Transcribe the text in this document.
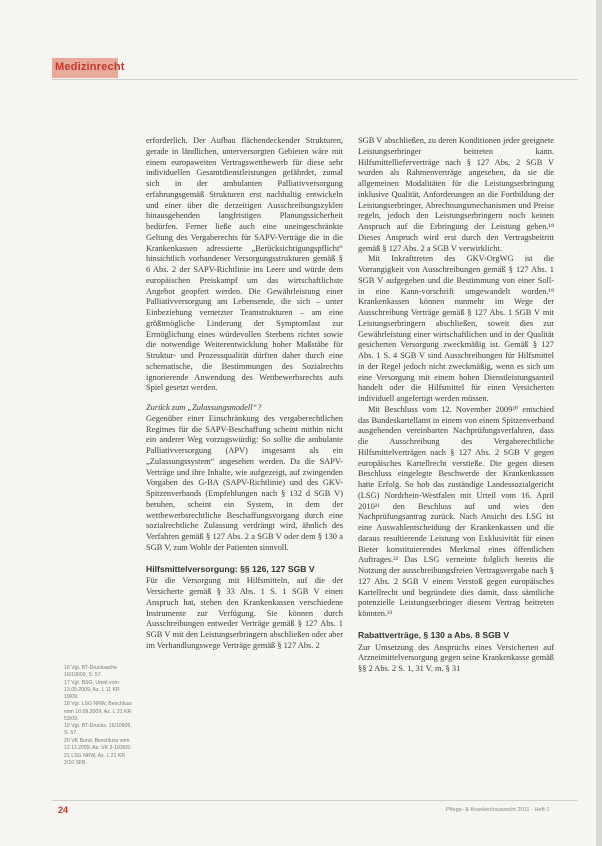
Medizinrecht

erforderlich. Der Aufbau flächendeckender Strukturen, gerade in ländlichen, unterversorgten Gebieten wäre mit einem europaweiten Vertragswettbewerb für diese sehr individuellen Gesamtdienstleistungen gefährdet, zumal sich in der ambulanten Palliativversorgung erfahrungsgemäß Strukturen erst nachhaltig entwickeln und einer über die derzeitigen Ausschreibungszyklen hinausgehenden langfristigen Planungssicherheit bedürfen. Ferner ließe auch eine uneingeschränkte Geltung des Vergaberechts für SAPV-Verträge die in die Krankenkassen adressierte „Berücksichtigungspflicht“ hinsichtlich vorhandener Versorgungsstrukturen gemäß § 6 Abs. 2 der SAPV-Richtlinie ins Leere und würde dem europäischen Preiskampf um das wirtschaftlichste Angebot geopfert werden. Die Gewährleistung einer Palliativversorgung am Lebensende, die sich – unter Einbeziehung vernetzter Teamstrukturen – am eine größtmögliche Linderung der Symptomlast zur Ermöglichung eines würdevollen Sterbens richtet sowie die notwendige Weiterentwicklung hoher Maßstäbe für Struktur- und Prozessqualität dürften daher durch eine schematische, die Bestimmungen des Sozialrechts ignorierende Anwendung des Wettbewerbsrechts aufs Spiel gesetzt werden.

Zurück zum „Zulassungsmodell“?

Gegenüber einer Einschränkung des vergaberechtlichen Regimes für die SAPV-Beschaffung scheint mithin nicht ein anderer Weg vorzugswürdig: So sollte die ambulante Palliativversorgung (APV) insgesamt als ein „Zulassungssystem“ angesehen werden. Da die SAPV-Verträge und ihre Inhalte, wie aufgezeigt, auf zwingenden Vorgaben des G-BA (SAPV-Richtlinie) und des GKV-Spitzenverbands (Empfehlungen nach § 132 d SGB V) beruhen, scheint ein System, in dem der wettbewerbsrechtliche Beschaffungsvorgang durch eine sozialrechtliche Zulassung verdrängt wird, ähnlich des Verfahren gemäß § 127 Abs. 2 a SGB V oder dem § 130 a SGB V, zum Wohle der Patienten sinnvoll.

Hilfsmittelversorgung: §§ 126, 127 SGB V

Für die Versorgung mit Hilfsmitteln, auf die der Versicherte gemäß § 33 Abs. 1 S. 1 SGB V einen Anspruch hat, stehen den Krankenkassen verschiedene Instrumente zur Verfügung. Sie können durch Ausschreibungen entweder Verträge gemäß § 127 Abs. 1 SGB V mit den Leistungserbringern abschließen oder aber im Verhandlungswege Verträge gemäß § 127 Abs. 2

SGB V abschließen, zu deren Konditionen jeder geeignete Leistungserbringer beitreten kann. Hilfsmittellieferverträge nach § 127 Abs. 2 SGB V wurden als Rahmenverträge angesehen, da sie die allgemeinen Modalitäten für die Leistungserbringung inklusive Qualität, Anforderungen an die Fortbildung der Leistungserbringer, Abrechnungsmechanismen und Preise regeln, jedoch den Leistungserbringern noch keinen Anspruch auf die Erbringung der Leistung geben.¹⁸ Dieses Anspruch wird erst durch den Vertragsbeitritt gemäß § 127 Abs. 2 a SGB V verwirklicht.

Mit Inkrafttreten des GKV-OrgWG ist die Vorrangigkeit von Ausschreibungen gemäß § 127 Abs. 1 SGB V aufgegeben und die Bestimmung von einer Soll- in eine Kann-vorschrift umgewandelt worden.¹⁹ Krankenkassen können nunmehr im Wege der Ausschreibung Verträge gemäß § 127 Abs. 1 SGB V mit Leistungserbringern abschließen, soweit dies zur Gewährleistung einer wirtschaftlichen und in der Qualität gesicherten Versorgung zweckmäßig ist. Gemäß § 127 Abs. 1 S. 4 SGB V sind Ausschreibungen für Hilfsmittel in der Regel jedoch nicht zweckmäßig, wenn es sich um eine Versorgung mit einem hohen Dienstleistungsanteil handelt oder die Hilfsmittel für einen Versicherten individuell angefertigt werden müssen.

Mit Beschluss vom 12. November 2009²⁰ entschied das Bundeskartellamt in einem von einem Spitzenverband ausgehenden vereinbarten Nachprüfungsverfahren, dass die Ausschreibung des Vergaberechtliche Hilfsmittelverträgen nach § 127 Abs. 2 SGB V gegen europäisches Kartellrecht verstieße. Die gegen diesen Beschluss eingelegte Beschwerde der Krankenkassen hatte Erfolg. So hob das zuständige Landessozialgericht (LSG) Nordrhein-Westfalen mit Urteil vom 16. April 2010²¹ den Beschluss auf und wies den Nachprüfungsantrag zurück. Nach Ansicht des LSG ist eine Auswahlentscheidung der Krankenkassen und die daraus resultierende Leistung von Exklusivität für einen Bieter konstituierendes Merkmal eines öffentlichen Auftrages.²² Das LSG verneinte folglich bereits die Nutzung der ausschreibungsfreien Vertragsvergabe nach § 127 Abs. 2 SGB V einem Verstoß gegen europäisches Kartellrecht und begründete dies damit, dass sämtliche potenzielle Leistungserbringer diesem Vertrag beitreten könnten.²³

Rabattverträge, § 130 a Abs. 8 SGB V

Zur Umsetzung des Anspruchs eines Versicherten auf Arzneimittelversorgung gegen seine Krankenkasse gemäß §§ 2 Abs. 2 S. 1, 31 V. m. § 31

16 Vgl. BT-Drucksache 16/10609, S. 57.
17 Vgl. BSG, Urteil vom 13.05.2009, Az. L 11 KR 19/09.
18 Vgl. LSG NRW, Beschluss vom 10.09.2009, Az. L 21 KR 53/09.
19 Vgl. BT-Drucks. 16/10609, S. 57.
20 VK Bund, Beschluss vom 12.11.2009, Az. VK 3-193/09.
21 LSG NRW, Az. L 21 KR 2/10 SFB.
24	Pflege- & Krankenhausrecht 2011 · Heft 1
